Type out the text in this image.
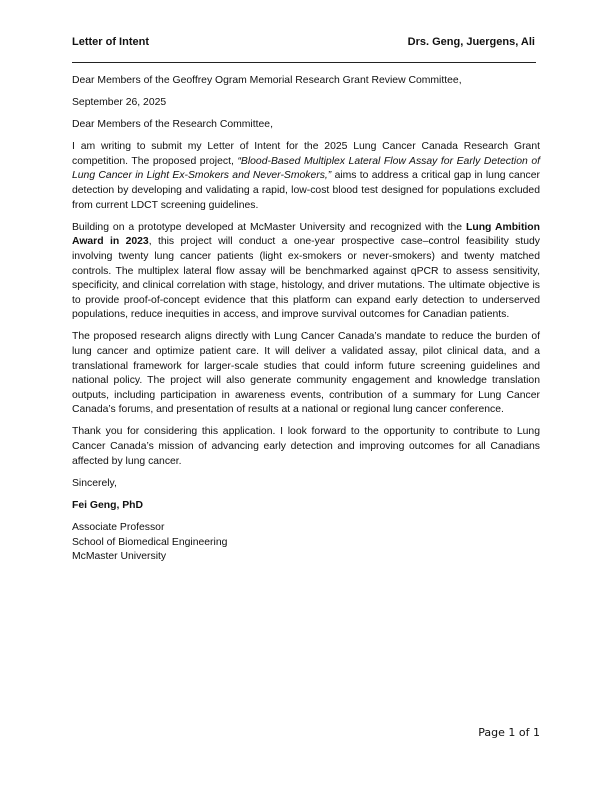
Letter of Intent	Drs. Geng, Juergens, Ali

Dear Members of the Geoffrey Ogram Memorial Research Grant Review Committee,

September 26, 2025

Dear Members of the Research Committee,

I am writing to submit my Letter of Intent for the 2025 Lung Cancer Canada Research Grant competition. The proposed project, “Blood-Based Multiplex Lateral Flow Assay for Early Detection of Lung Cancer in Light Ex-Smokers and Never-Smokers,” aims to address a critical gap in lung cancer detection by developing and validating a rapid, low-cost blood test designed for populations excluded from current LDCT screening guidelines.

Building on a prototype developed at McMaster University and recognized with the Lung Ambition Award in 2023, this project will conduct a one-year prospective case–control feasibility study involving twenty lung cancer patients (light ex-smokers or never-smokers) and twenty matched controls. The multiplex lateral flow assay will be benchmarked against qPCR to assess sensitivity, specificity, and clinical correlation with stage, histology, and driver mutations. The ultimate objective is to provide proof-of-concept evidence that this platform can expand early detection to underserved populations, reduce inequities in access, and improve survival outcomes for Canadian patients.

The proposed research aligns directly with Lung Cancer Canada’s mandate to reduce the burden of lung cancer and optimize patient care. It will deliver a validated assay, pilot clinical data, and a translational framework for larger-scale studies that could inform future screening guidelines and national policy. The project will also generate community engagement and knowledge translation outputs, including participation in awareness events, contribution of a summary for Lung Cancer Canada’s forums, and presentation of results at a national or regional lung cancer conference.

Thank you for considering this application. I look forward to the opportunity to contribute to Lung Cancer Canada’s mission of advancing early detection and improving outcomes for all Canadians affected by lung cancer.

Sincerely,

Fei Geng, PhD

Associate Professor

School of Biomedical Engineering

McMaster University

Page 1 of 1
